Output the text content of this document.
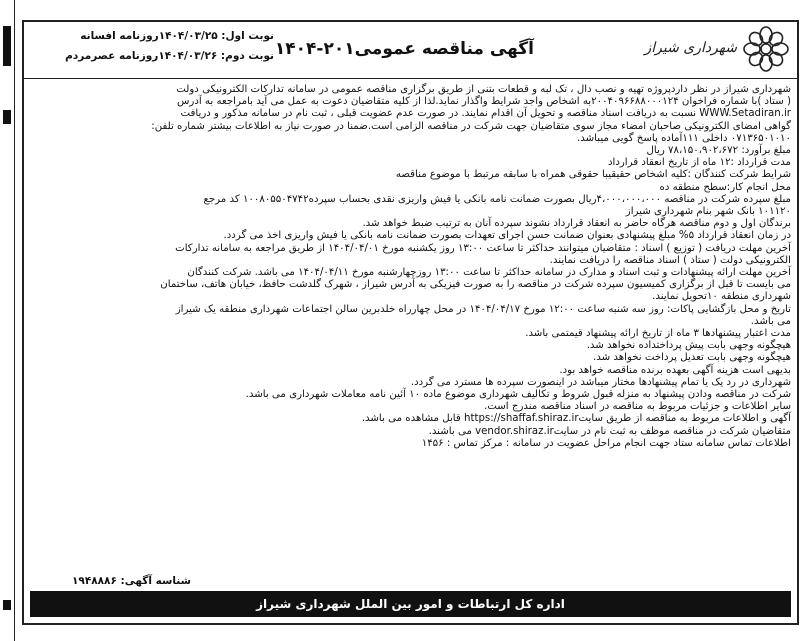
شهرداری شیراز
آگهی مناقصه عمومی۲۰۱-۱۴۰۴
نوبت اول: ۱۴۰۴/۰۳/۲۵روزنامه افسانه
نوبت دوم: ۱۴۰۴/۰۳/۲۶روزنامه عصرمردم

شهرداری شیراز در نظر داردپروژه تهیه و نصب دال ، تک لبه و قطعات بتنی از طریق برگزاری مناقصه عمومی در سامانه تدارکات الکترونیکی دولت

( ستاد )با شماره فراخوان ۲۰۰۴۰۹۶۶۸۸۰۰۰۱۲۴به اشخاص واجد شرایط واگذار نماید.لذا از کلیه متقاضیان دعوت به عمل می آید بامراجعه به آدرس

WWW.Setadiran.ir نسبت به دریافت اسناد مناقصه و تحویل آن اقدام نمایند. در صورت عدم عضویت قبلی ، ثبت نام در سامانه مذکور و دریافت

گواهی امضای الکترونیکی صاحبان امضاء مجاز سوی متقاضیان جهت شرکت در مناقصه الزامی است.ضمنا در صورت نیاز به اطلاعات بیشتر شماره تلفن:

۰۷۱۳۶۵۰۱۰۱۰ داخلی ۱۱۱آماده پاسخ گویی میباشد.

مبلغ برآورد: ۷۸،۱۵۰،۹۰۲،۶۷۲ ریال

مدت قرارداد :۱۲ ماه از تاریخ انعقاد قرارداد

شرایط شرکت کنندگان :کلیه اشخاص حقیقیبا حقوقی همراه با سابقه مرتبط با موضوع مناقصه

محل انجام کار:سطح منطقه ده

مبلغ سپرده شرکت در مناقصه ۴،۰۰۰،۰۰۰،۰۰۰ریال بصورت ضمانت نامه بانکی یا فیش واریزی نقدی بحساب سپرده۱۰۰۸۰۵۵۰۴۷۴۲ کد مرجع

۱۰۱۱۲۰ بانک شهر بنام شهرداری شیراز

برندگان اول و دوم مناقصه هرگاه حاضر به انعقاد قرارداد نشوند سپرده آنان به ترتیب ضبط خواهد شد.

در زمان انعقاد قرارداد ۵% مبلغ پیشنهادی بعنوان ضمانت حسن اجرای تعهدات بصورت ضمانت نامه بانکی یا فیش واریزی اخذ می گردد.

آخرین مهلت دریافت ( توزیع ) اسناد : متقاضیان میتوانند حداکثر تا ساعت ۱۳:۰۰ روز یکشنبه مورخ ۱۴۰۴/۰۴/۰۱ از طریق مراجعه به سامانه تدارکات

الکترونیکی دولت ( ستاد ) اسناد مناقصه را دریافت نمایند.

آخرین مهلت ارائه پیشنهادات و ثبت اسناد و مدارک در سامانه حداکثر تا ساعت ۱۳:۰۰ روزچهارشنبه مورخ ۱۴۰۴/۰۴/۱۱ می باشد. شرکت کنندگان

می بایست تا قبل از برگزاری کمیسیون سپرده شرکت در مناقصه را به صورت فیزیکی به آدرس شیراز ، شهرک گلدشت حافظ، خیابان هاتف، ساختمان

شهرداری منطقه ۱۰تحویل نمایند.

تاریخ و محل بازگشایی پاکات: روز سه شنبه ساعت ۱۲:۰۰ مورخ ۱۴۰۴/۰۴/۱۷ در محل چهارراه خلدبرین سالن اجتماعات شهرداری منطقه یک شیراز

می باشد.

مدت اعتبار پیشنهادها ۳ ماه از تاریخ ارائه پیشنهاد قیمتمی باشد.

هیچگونه وجهی بابت پیش پرداختداده نخواهد شد.

هیچگونه وجهی بابت تعدیل پرداخت نخواهد شد.

بدیهی است هزینه آگهی بعهده برنده مناقصه خواهد بود.

شهرداری در رد یک یا تمام پیشنهادها مختار میباشد در اینصورت سپرده ها مسترد می گردد.

شرکت در مناقصه ودادن پیشنهاد به منزله قبول شروط و تکالیف شهرداری موضوع ماده ۱۰ آئین نامه معاملات شهرداری می باشد.

سایر اطلاعات و جزئیات مربوط به مناقصه در اسناد مناقصه مندرج است.

آگهی و اطلاعات مربوط به مناقصه از طریق سایتhttps://shaffaf.shiraz.ir قابل مشاهده می باشد.

متقاضیان شرکت در مناقصه موظف به ثبت نام در سایتvendor.shiraz.ir می باشند.

اطلاعات تماس سامانه ستاد جهت انجام مراحل عضویت در سامانه : مرکز تماس : ۱۴۵۶

شناسه آگهی: ۱۹۴۸۸۸۶
اداره کل ارتباطات و امور بین الملل شهرداری شیراز
